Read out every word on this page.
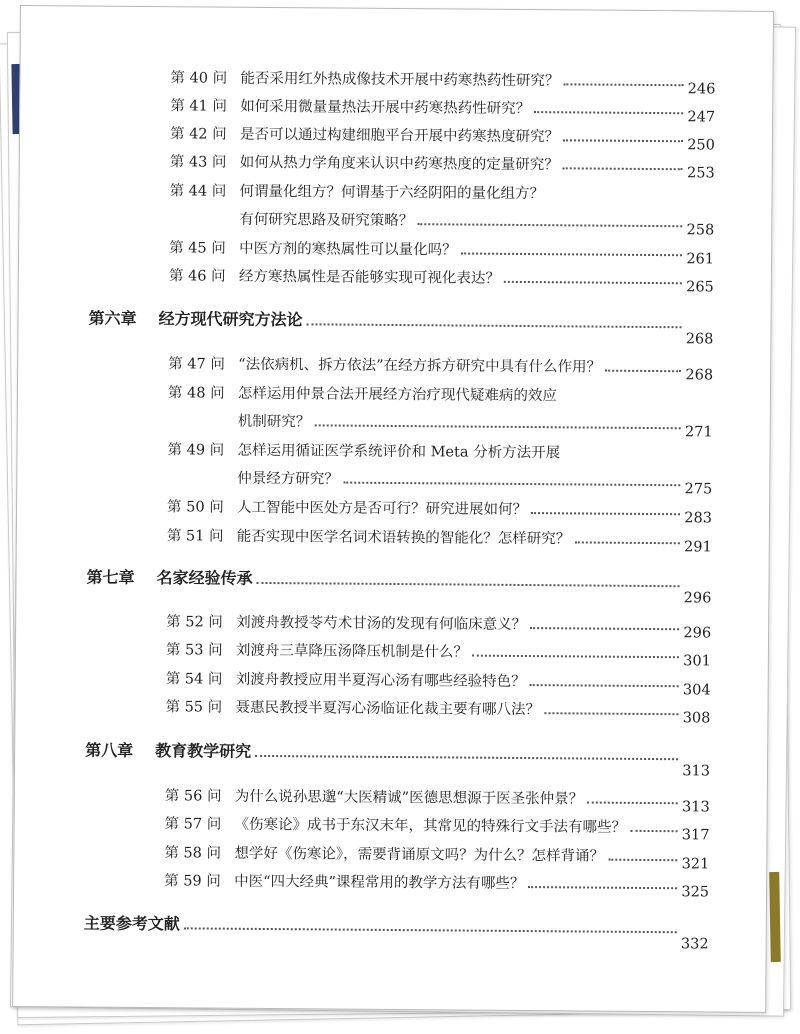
第 40 问 能否采用红外热成像技术开展中药寒热药性研究？
246
第 41 问 如何采用微量量热法开展中药寒热药性研究？
247
第 42 问 是否可以通过构建细胞平台开展中药寒热度研究？
250
第 43 问 如何从热力学角度来认识中药寒热度的定量研究？
253
第 44 问 何谓量化组方？何谓基于六经阴阳的量化组方？
有何研究思路及研究策略？
258
第 45 问 中医方剂的寒热属性可以量化吗？
261
第 46 问 经方寒热属性是否能够实现可视化表达？
265
第六章	经方现代研究方法论
268
第 47 问 “法依病机、拆方依法”在经方拆方研究中具有什么作用？	268
第 48 问 怎样运用仲景合法开展经方治疗现代疑难病的效应
机制研究？
271
第 49 问 怎样运用循证医学系统评价和 Meta 分析方法开展
仲景经方研究？
275
第 50 问 人工智能中医处方是否可行？研究进展如何？
283
第 51 问 能否实现中医学名词术语转换的智能化？怎样研究？
291
第七章	名家经验传承
296
第 52 问 刘渡舟教授苓芍术甘汤的发现有何临床意义？
296
第 53 问 刘渡舟三草降压汤降压机制是什么？
301
第 54 问 刘渡舟教授应用半夏泻心汤有哪些经验特色？
304
第 55 问 聂惠民教授半夏泻心汤临证化裁主要有哪八法？
308
第八章	教育教学研究
313
第 56 问 为什么说孙思邈“大医精诚”医德思想源于医圣张仲景？	313
第 57 问 《伤寒论》成书于东汉末年，其常见的特殊行文手法有哪些？	317
第 58 问 想学好《伤寒论》，需要背诵原文吗？为什么？怎样背诵？	321
第 59 问 中医“四大经典”课程常用的教学方法有哪些？
325
主要参考文献
332
